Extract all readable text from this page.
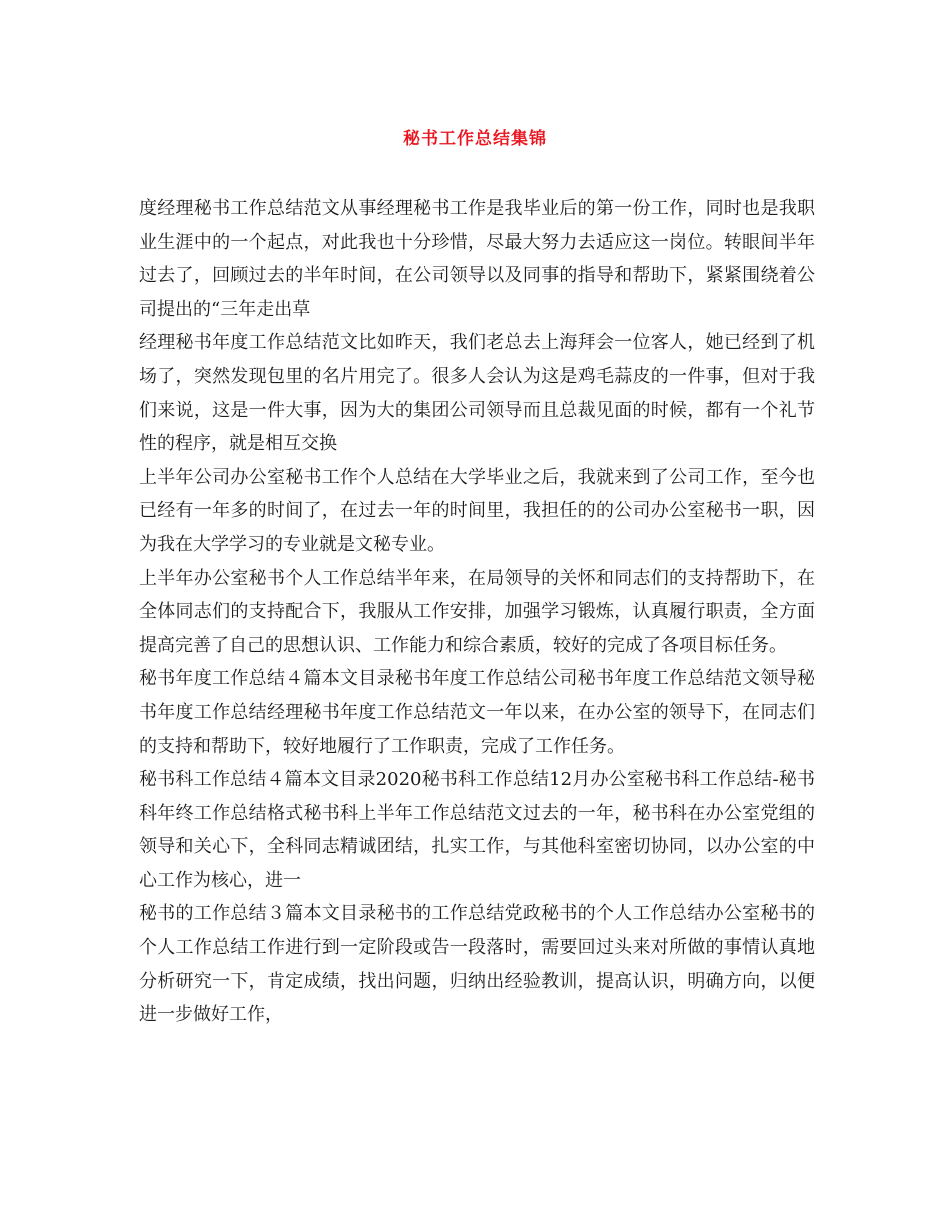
秘书工作总结集锦

度经理秘书工作总结范文从事经理秘书工作是我毕业后的第一份工作，同时也是我职业生涯中的一个起点，对此我也十分珍惜，尽最大努力去适应这一岗位。转眼间半年过去了，回顾过去的半年时间，在公司领导以及同事的指导和帮助下，紧紧围绕着公司提出的“三年走出草

经理秘书年度工作总结范文比如昨天，我们老总去上海拜会一位客人，她已经到了机场了，突然发现包里的名片用完了。很多人会认为这是鸡毛蒜皮的一件事，但对于我们来说，这是一件大事，因为大的集团公司领导而且总裁见面的时候，都有一个礼节性的程序，就是相互交换

上半年公司办公室秘书工作个人总结在大学毕业之后，我就来到了公司工作，至今也已经有一年多的时间了，在过去一年的时间里，我担任的的公司办公室秘书一职，因为我在大学学习的专业就是文秘专业。

上半年办公室秘书个人工作总结半年来，在局领导的关怀和同志们的支持帮助下，在全体同志们的支持配合下，我服从工作安排，加强学习锻炼，认真履行职责，全方面提高完善了自己的思想认识、工作能力和综合素质，较好的完成了各项目标任务。

秘书年度工作总结４篇本文目录秘书年度工作总结公司秘书年度工作总结范文领导秘书年度工作总结经理秘书年度工作总结范文一年以来，在办公室的领导下，在同志们的支持和帮助下，较好地履行了工作职责，完成了工作任务。

秘书科工作总结４篇本文目录2020秘书科工作总结12月办公室秘书科工作总结-秘书科年终工作总结格式秘书科上半年工作总结范文过去的一年，秘书科在办公室党组的领导和关心下，全科同志精诚团结，扎实工作，与其他科室密切协同，以办公室的中心工作为核心，进一

秘书的工作总结３篇本文目录秘书的工作总结党政秘书的个人工作总结办公室秘书的个人工作总结工作进行到一定阶段或告一段落时，需要回过头来对所做的事情认真地分析研究一下，肯定成绩，找出问题，归纳出经验教训，提高认识，明确方向，以便进一步做好工作，
